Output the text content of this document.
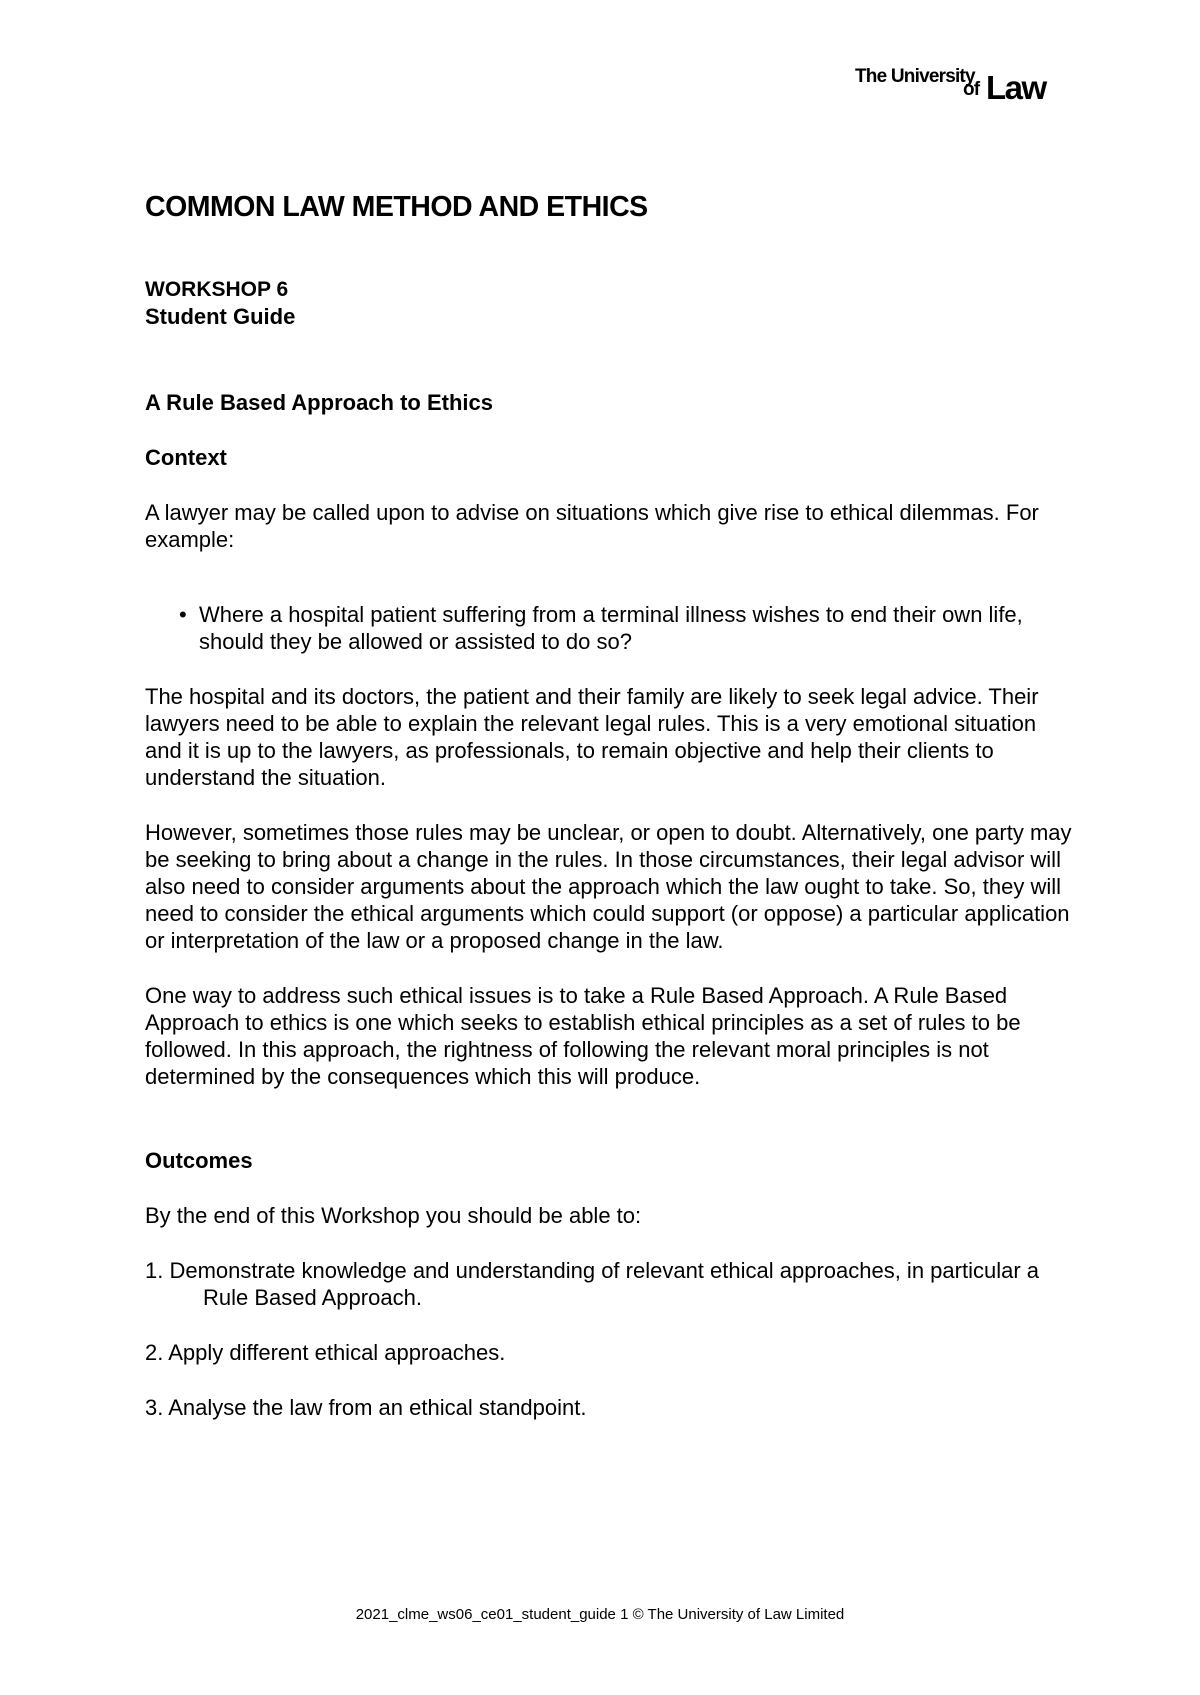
The University
of Law
COMMON LAW METHOD AND ETHICS
WORKSHOP 6
Student Guide
A Rule Based Approach to Ethics
Context

A lawyer may be called upon to advise on situations which give rise to ethical dilemmas. For example:

• Where a hospital patient suffering from a terminal illness wishes to end their own life, should they be allowed or assisted to do so?

The hospital and its doctors, the patient and their family are likely to seek legal advice. Their lawyers need to be able to explain the relevant legal rules. This is a very emotional situation and it is up to the lawyers, as professionals, to remain objective and help their clients to understand the situation.

However, sometimes those rules may be unclear, or open to doubt. Alternatively, one party may be seeking to bring about a change in the rules. In those circumstances, their legal advisor will also need to consider arguments about the approach which the law ought to take. So, they will need to consider the ethical arguments which could support (or oppose) a particular application or interpretation of the law or a proposed change in the law.

One way to address such ethical issues is to take a Rule Based Approach. A Rule Based Approach to ethics is one which seeks to establish ethical principles as a set of rules to be followed. In this approach, the rightness of following the relevant moral principles is not determined by the consequences which this will produce.

Outcomes

By the end of this Workshop you should be able to:

1. Demonstrate knowledge and understanding of relevant ethical approaches, in particular a Rule Based Approach.

2. Apply different ethical approaches.

3. Analyse the law from an ethical standpoint.

2021_clme_ws06_ce01_student_guide 1 © The University of Law Limited
